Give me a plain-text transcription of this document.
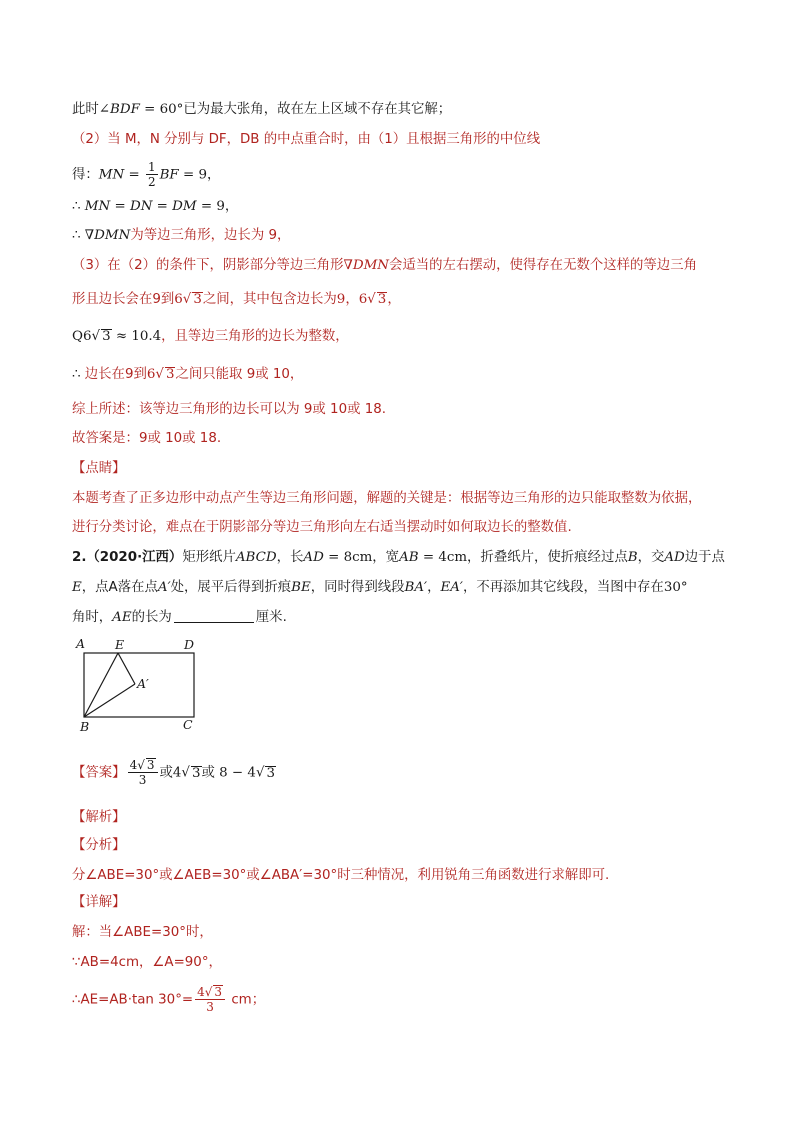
此时∠BDF = 60°已为最大张角，故在左上区域不存在其它解；
（2）当 M，N 分别与 DF，DB 的中点重合时，由（1）且根据三角形的中位线
得：MN = $\frac{1}{2}$ BF = 9，
∴ MN = DN = DM = 9，
∴ ∇DMN为等边三角形，边长为 9，
（3）在（2）的条件下，阴影部分等边三角形∇DMN会适当的左右摆动，使得存在无数个这样的等边三角
形且边长会在9到6√ 3之间，其中包含边长为9，6√ 3，
Q6√ 3 ≈ 10.4，且等边三角形的边长为整数，
∴ 边长在9到6√ 3之间只能取 9或 10，
综上所述：该等边三角形的边长可以为 9或 10或 18.
故答案是：9或 10或 18.
【点睛】
本题考查了正多边形中动点产生等边三角形问题，解题的关键是：根据等边三角形的边只能取整数为依据，
进行分类讨论，难点在于阴影部分等边三角形向左右适当摆动时如何取边长的整数值.
2.（2020·江西）矩形纸片ABCD，长AD = 8cm，宽AB = 4cm，折叠纸片，使折痕经过点B，交AD边于点
E，点A落在点A′处，展平后得到折痕BE，同时得到线段BA′，EA′，不再添加其它线段，当图中存在30°
角时，AE的长为	厘米.
A E	D
A′
B	C
【答案】 $\frac{4√ 3}{3}$ 或4√ 3或 8 − 4√ 3
【解析】
【分析】
分∠ABE=30°或∠AEB=30°或∠ABA′=30°时三种情况，利用锐角三角函数进行求解即可.
【详解】
解：当∠ABE=30°时，
∵AB=4cm，∠A=90°，
∴AE=AB·tan $30^\circ= \frac{4√ 3}{3}$ cm；
